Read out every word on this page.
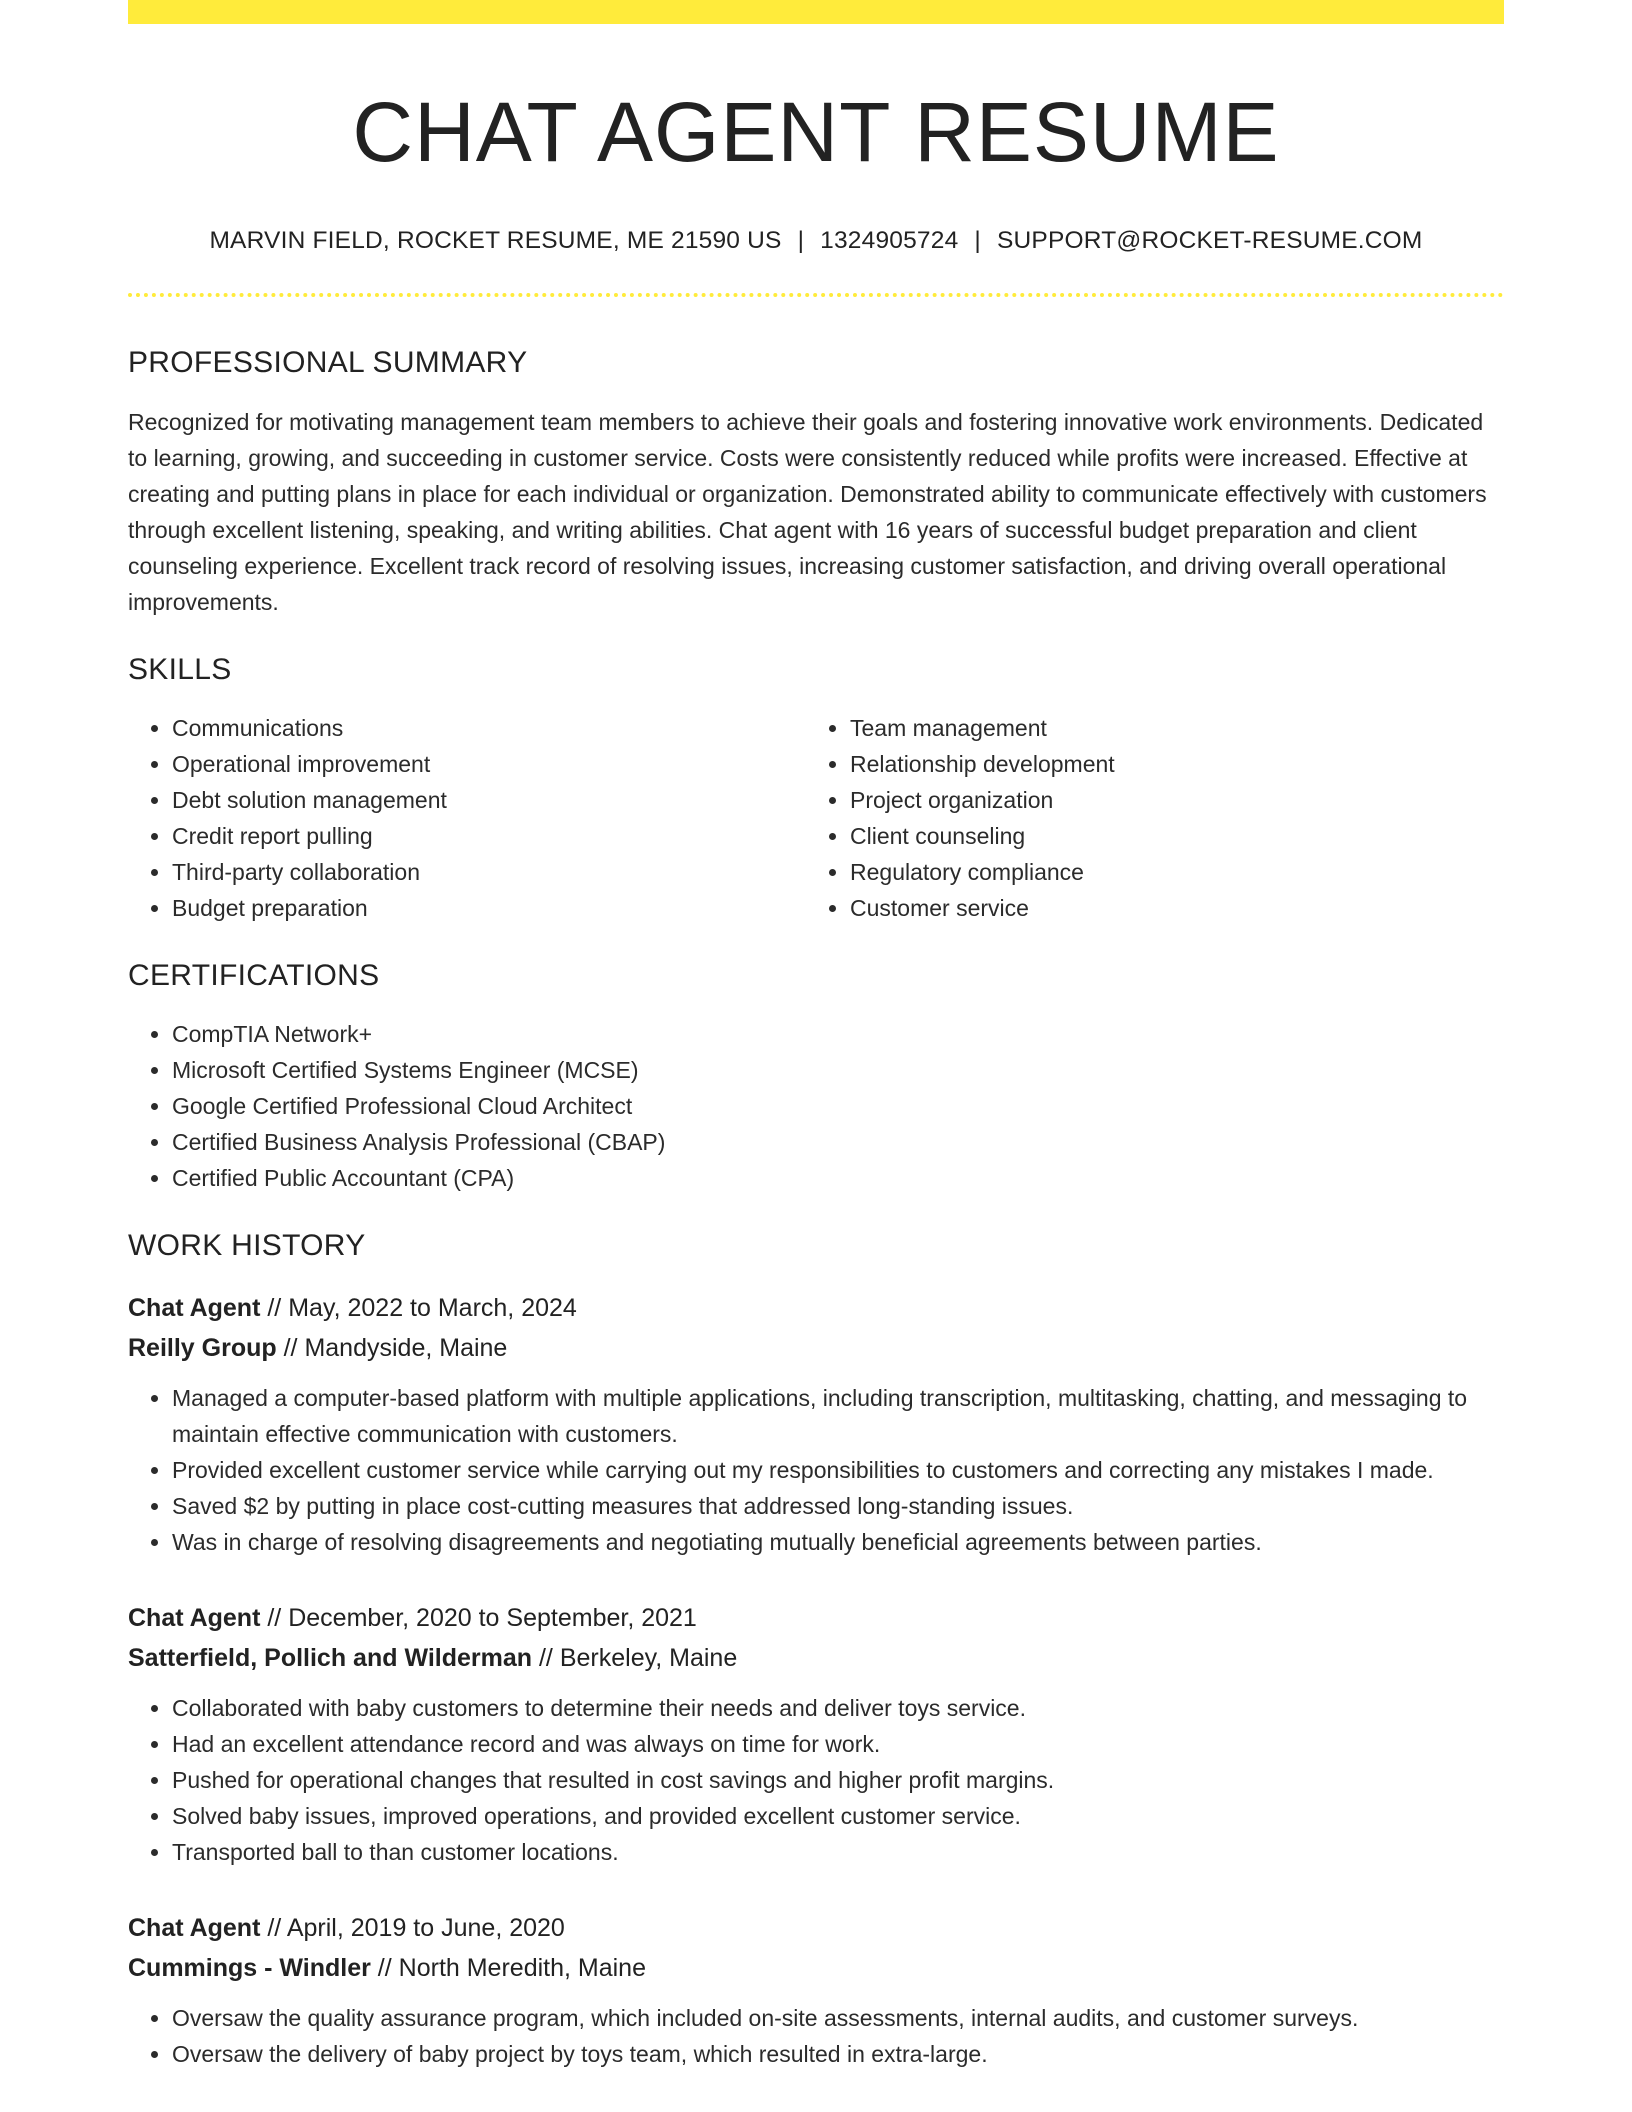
CHAT AGENT RESUME
MARVIN FIELD, ROCKET RESUME, ME 21590 US | 1324905724 | SUPPORT@ROCKET-RESUME.COM
PROFESSIONAL SUMMARY

Recognized for motivating management team members to achieve their goals and fostering innovative work environments. Dedicated to learning, growing, and succeeding in customer service. Costs were consistently reduced while profits were increased. Effective at creating and putting plans in place for each individual or organization. Demonstrated ability to communicate effectively with customers through excellent listening, speaking, and writing abilities. Chat agent with 16 years of successful budget preparation and client counseling experience. Excellent track record of resolving issues, increasing customer satisfaction, and driving overall operational improvements.

SKILLS
• Communications
• Operational improvement
• Debt solution management
• Credit report pulling
• Third-party collaboration
• Budget preparation
• Team management
• Relationship development
• Project organization
• Client counseling
• Regulatory compliance
• Customer service
CERTIFICATIONS
• CompTIA Network+
• Microsoft Certified Systems Engineer (MCSE)
• Google Certified Professional Cloud Architect
• Certified Business Analysis Professional (CBAP)
• Certified Public Accountant (CPA)
WORK HISTORY
Chat Agent // May, 2022 to March, 2024
Reilly Group // Mandyside, Maine
• Managed a computer-based platform with multiple applications, including transcription, multitasking, chatting, and messaging to maintain effective communication with customers.
• Provided excellent customer service while carrying out my responsibilities to customers and correcting any mistakes I made.
• Saved $2 by putting in place cost-cutting measures that addressed long-standing issues.
• Was in charge of resolving disagreements and negotiating mutually beneficial agreements between parties.
Chat Agent // December, 2020 to September, 2021
Satterfield, Pollich and Wilderman // Berkeley, Maine
• Collaborated with baby customers to determine their needs and deliver toys service.
• Had an excellent attendance record and was always on time for work.
• Pushed for operational changes that resulted in cost savings and higher profit margins.
• Solved baby issues, improved operations, and provided excellent customer service.
• Transported ball to than customer locations.
Chat Agent // April, 2019 to June, 2020
Cummings - Windler // North Meredith, Maine
• Oversaw the quality assurance program, which included on-site assessments, internal audits, and customer surveys.
• Oversaw the delivery of baby project by toys team, which resulted in extra-large.
